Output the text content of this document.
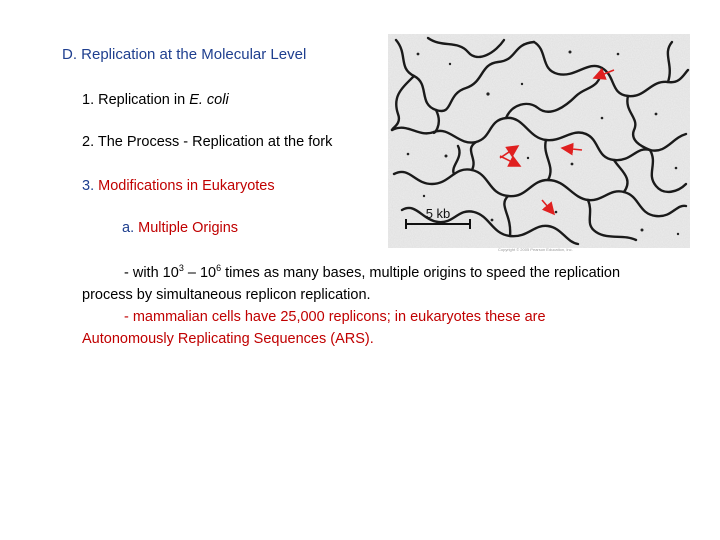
D. Replication at the Molecular Level
1. Replication in E. coli
2. The Process - Replication at the fork
3. Modifications in Eukaryotes
a. Multiple Origins
- with $10^3 - 10^6$ times as many bases, multiple origins to speed the replication
process by simultaneous replicon replication.
- mammalian cells have 25,000 replicons; in eukaryotes these are
Autonomously Replicating Sequences (ARS).
5 kb
Copyright © 2005 Pearson Education, Inc.
